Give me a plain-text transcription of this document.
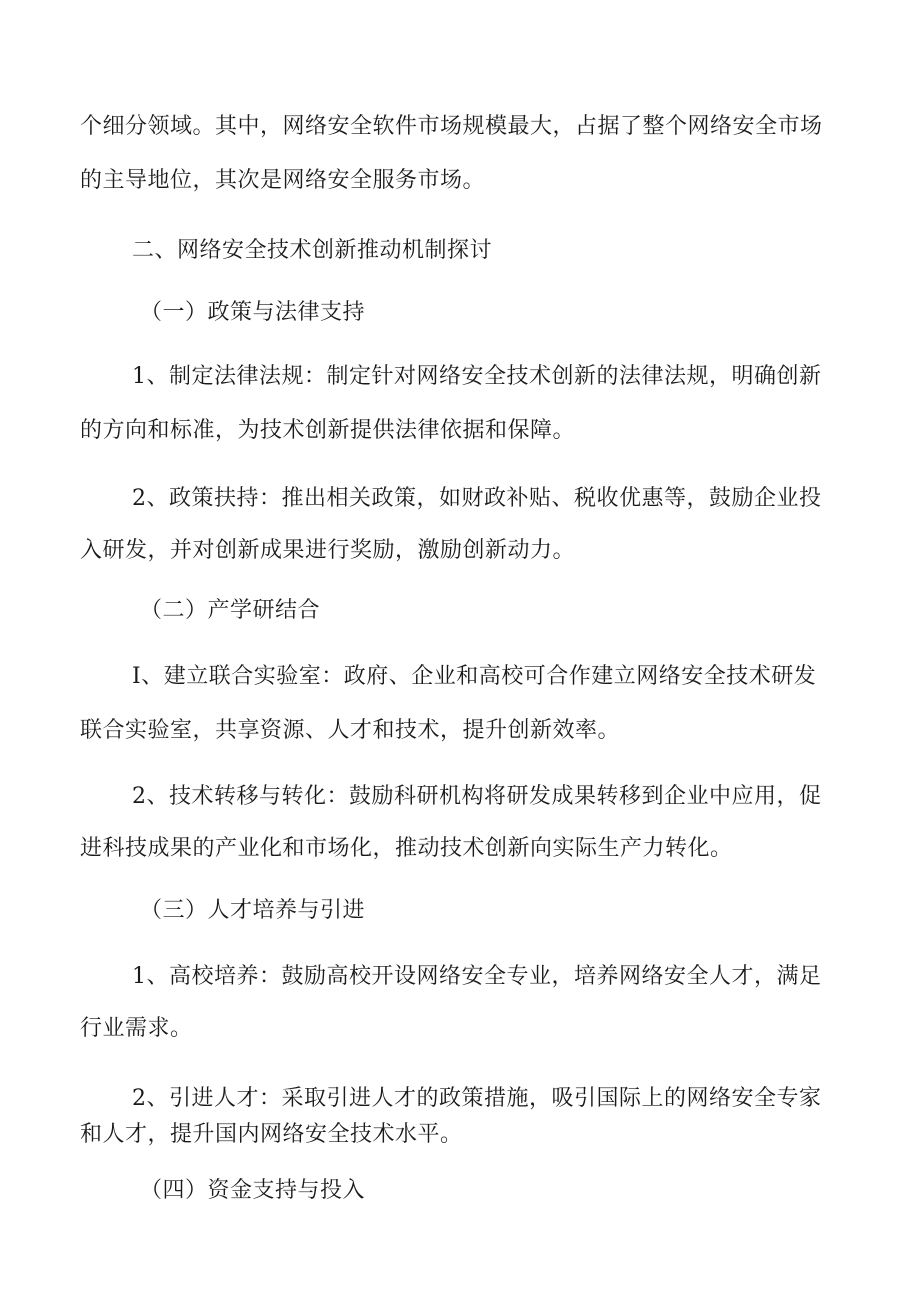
个细分领域。其中，网络安全软件市场规模最大，占据了整个网络安全市场
的主导地位，其次是网络安全服务市场。
二、网络安全技术创新推动机制探讨
（一）政策与法律支持
1、制定法律法规：制定针对网络安全技术创新的法律法规，明确创新
的方向和标准，为技术创新提供法律依据和保障。
2、政策扶持：推出相关政策，如财政补贴、税收优惠等，鼓励企业投
入研发，并对创新成果进行奖励，激励创新动力。
（二）产学研结合
I、建立联合实验室：政府、企业和高校可合作建立网络安全技术研发
联合实验室，共享资源、人才和技术，提升创新效率。
2、技术转移与转化：鼓励科研机构将研发成果转移到企业中应用，促
进科技成果的产业化和市场化，推动技术创新向实际生产力转化。
（三）人才培养与引进
1、高校培养：鼓励高校开设网络安全专业，培养网络安全人才，满足
行业需求。
2、引进人才：采取引进人才的政策措施，吸引国际上的网络安全专家
和人才，提升国内网络安全技术水平。
（四）资金支持与投入
